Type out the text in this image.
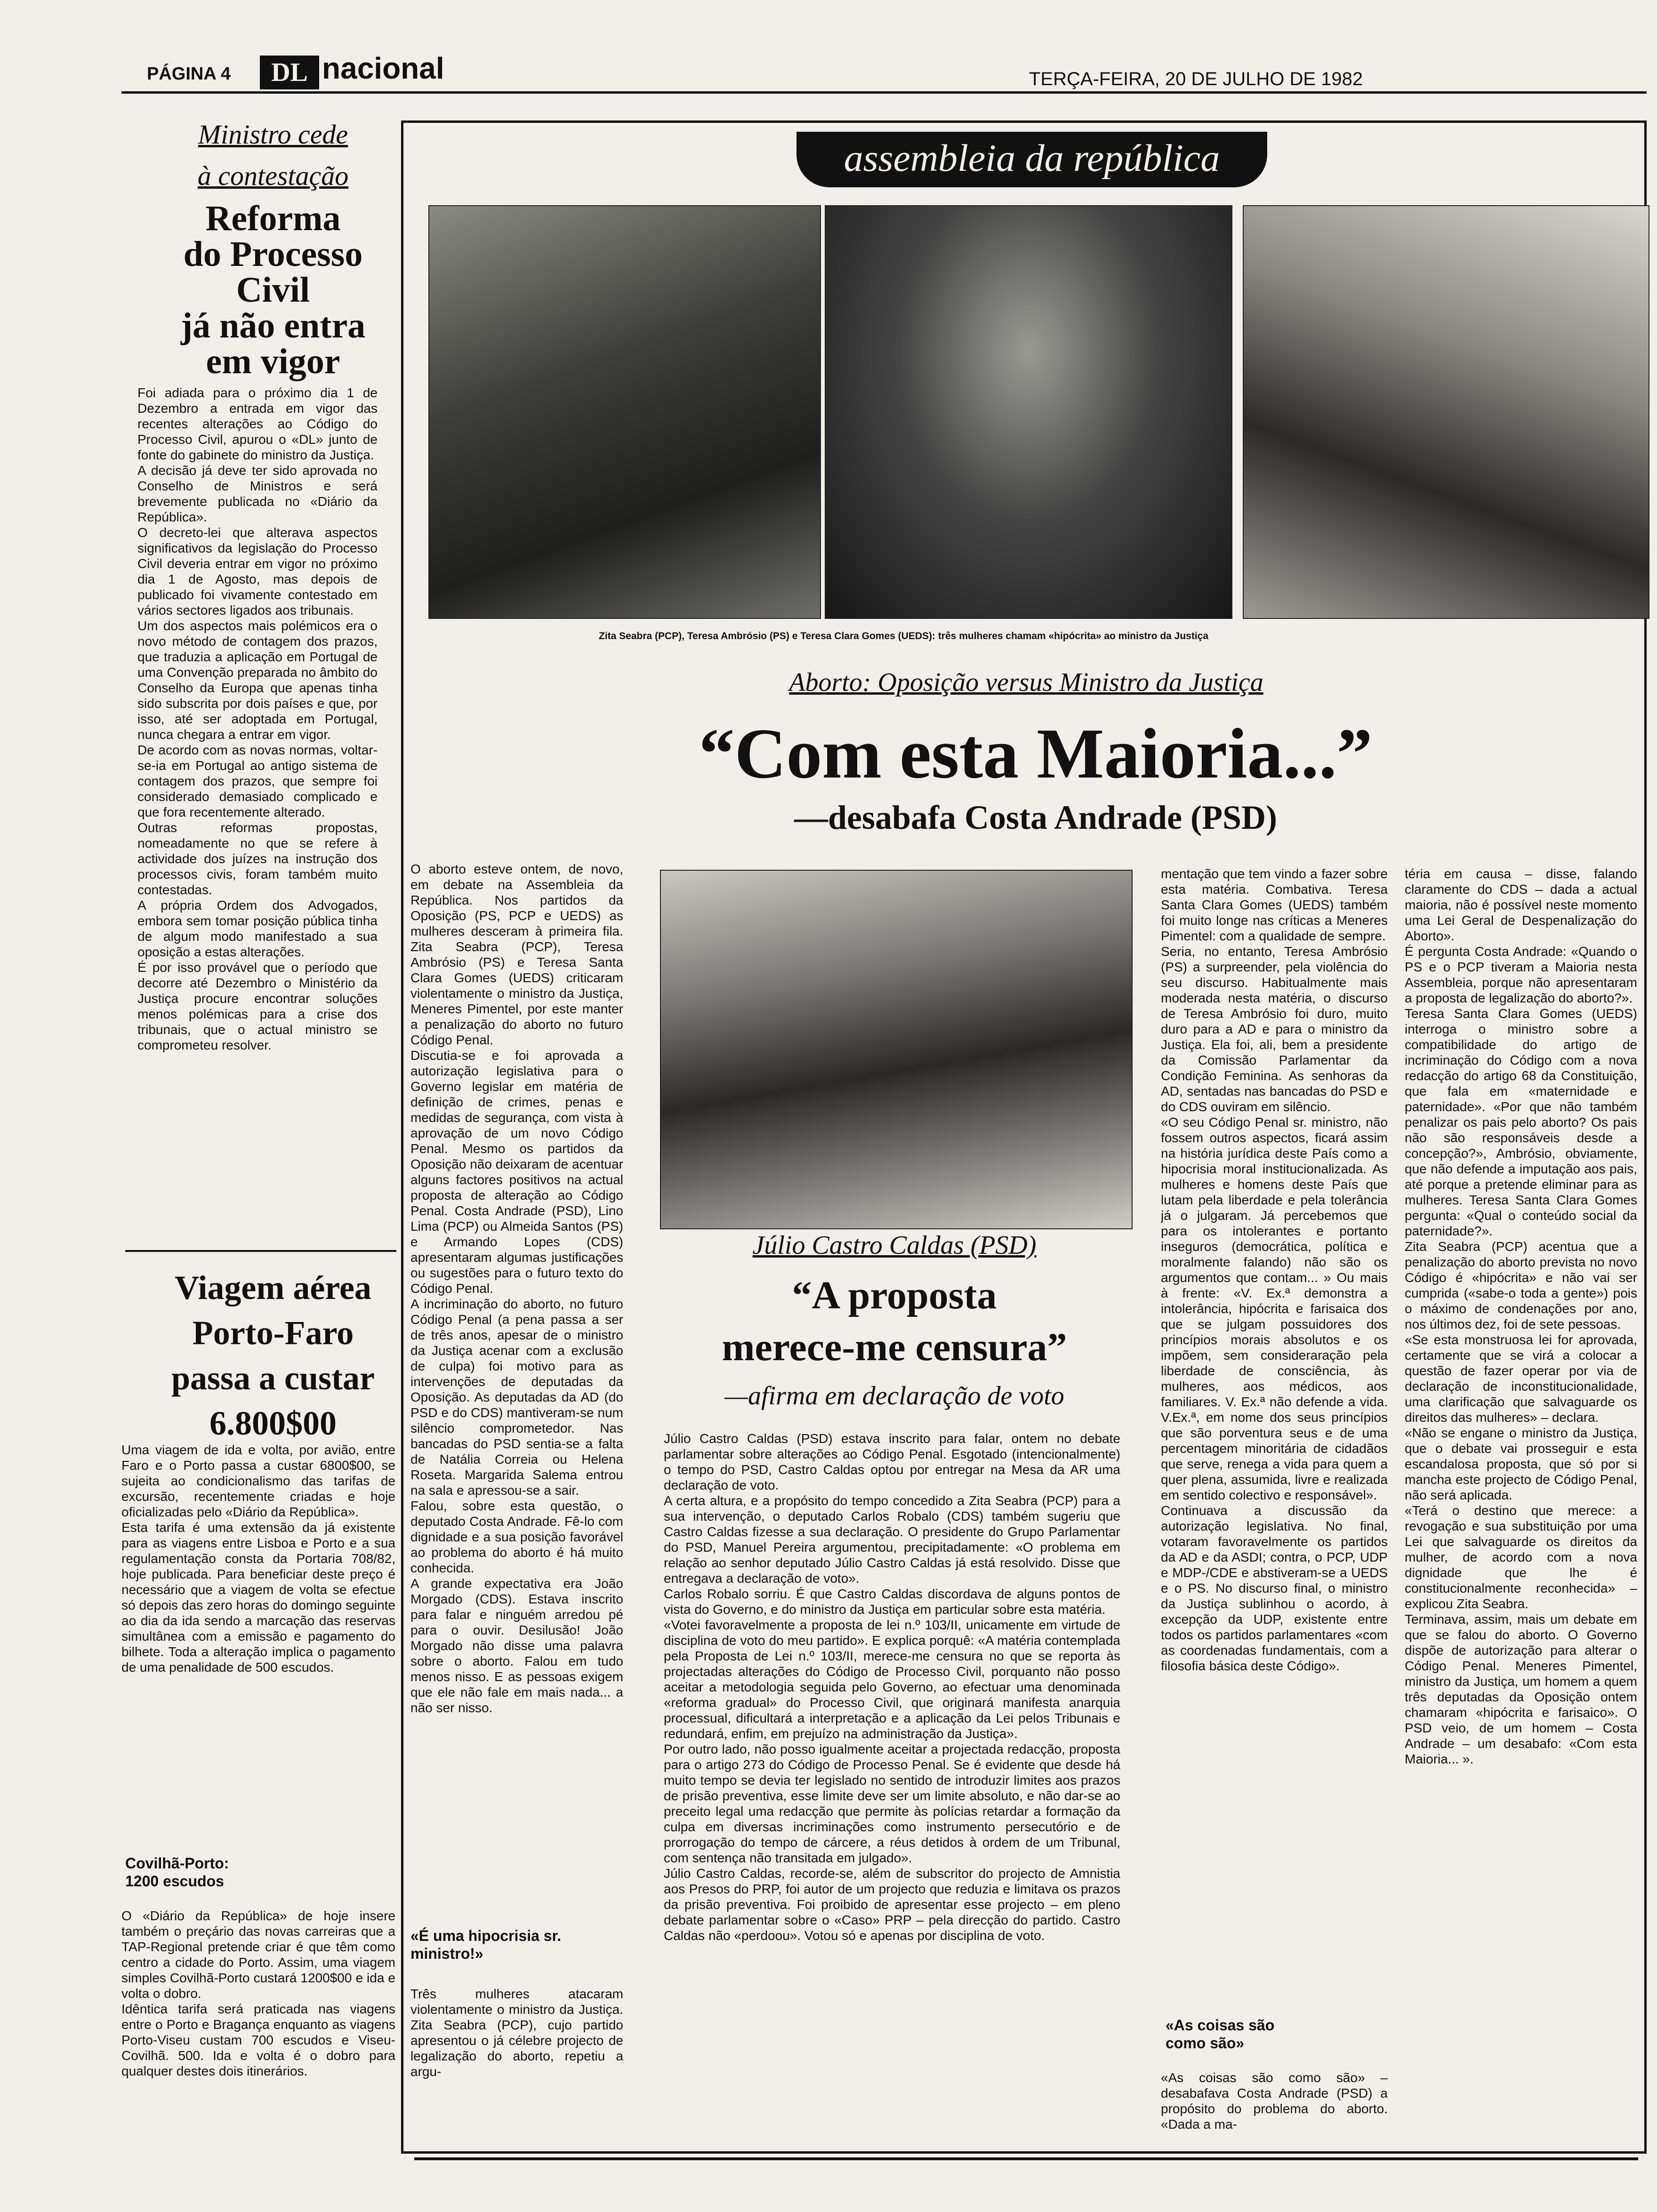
PÁGINA 4	DL nacional	TERÇA-FEIRA, 20 DE JULHO DE 1982
Ministro cede
à contestação
Reforma
do Processo
Civil
já não entra
em vigor

Foi adiada para o próximo dia 1 de Dezembro a entrada em vigor das recentes alterações ao Código do Processo Civil, apurou o «DL» junto de fonte do gabinete do ministro da Justiça.
A decisão já deve ter sido aprovada no Conselho de Ministros e será brevemente publicada no «Diário da República».
O decreto-lei que alterava aspectos significativos da legislação do Processo Civil deveria entrar em vigor no próximo dia 1 de Agosto, mas depois de publicado foi vivamente contestado em vários sectores ligados aos tribunais.
Um dos aspectos mais polémicos era o novo método de contagem dos prazos, que traduzia a aplicação em Portugal de uma Convenção preparada no âmbito do Conselho da Europa que apenas tinha sido subscrita por dois países e que, por isso, até ser adoptada em Portugal, nunca chegara a entrar em vigor.
De acordo com as novas normas, voltar-se-ia em Portugal ao antigo sistema de contagem dos prazos, que sempre foi considerado demasiado complicado e que fora recentemente alterado.
Outras reformas propostas, nomeadamente no que se refere à actividade dos juízes na instrução dos processos civis, foram também muito contestadas.
A própria Ordem dos Advogados, embora sem tomar posição pública tinha de algum modo manifestado a sua oposição a estas alterações.
É por isso provável que o período que decorre até Dezembro o Ministério da Justiça procure encontrar soluções menos polémicas para a crise dos tribunais, que o actual ministro se comprometeu resolver.

Viagem aérea
Porto-Faro
passa a custar
6.800$00

Uma viagem de ida e volta, por avião, entre Faro e o Porto passa a custar 6800$00, se sujeita ao condicionalismo das tarifas de excursão, recentemente criadas e hoje oficializadas pelo «Diário da República».
Esta tarifa é uma extensão da já existente para as viagens entre Lisboa e Porto e a sua regulamentação consta da Portaria 708/82, hoje publicada. Para beneficiar deste preço é necessário que a viagem de volta se efectue só depois das zero horas do domingo seguinte ao dia da ida sendo a marcação das reservas simultânea com a emissão e pagamento do bilhete. Toda a alteração implica o pagamento de uma penalidade de 500 escudos.

Covilhã-Porto:
1200 escudos

O «Diário da República» de hoje insere também o preçário das novas carreiras que a TAP-Regional pretende criar é que têm como centro a cidade do Porto. Assim, uma viagem simples Covilhã-Porto custará 1200$00 e ida e volta o dobro.
Idêntica tarifa será praticada nas viagens entre o Porto e Bragança enquanto as viagens Porto-Viseu custam 700 escudos e Viseu-Covilhã. 500. Ida e volta é o dobro para qualquer destes dois itinerários.

assembleia da república
Zita Seabra (PCP), Teresa Ambrósio (PS) e Teresa Clara Gomes (UEDS): três mulheres chamam «hipócrita» ao ministro da Justiça
Aborto: Oposição versus Ministro da Justiça
“Com esta Maioria...”
—desabafa Costa Andrade (PSD)

O aborto esteve ontem, de novo, em debate na Assembleia da República. Nos partidos da Oposição (PS, PCP e UEDS) as mulheres desceram à primeira fila. Zita Seabra (PCP), Teresa Ambrósio (PS) e Teresa Santa Clara Gomes (UEDS) criticaram violentamente o ministro da Justiça, Meneres Pimentel, por este manter a penalização do aborto no futuro Código Penal.
Discutia-se e foi aprovada a autorização legislativa para o Governo legislar em matéria de definição de crimes, penas e medidas de segurança, com vista à aprovação de um novo Código Penal. Mesmo os partidos da Oposição não deixaram de acentuar alguns factores positivos na actual proposta de alteração ao Código Penal. Costa Andrade (PSD), Lino Lima (PCP) ou Almeida Santos (PS) e Armando Lopes (CDS) apresentaram algumas justificações ou sugestões para o futuro texto do Código Penal.
A incriminação do aborto, no futuro Código Penal (a pena passa a ser de três anos, apesar de o ministro da Justiça acenar com a exclusão de culpa) foi motivo para as intervenções de deputadas da Oposição. As deputadas da AD (do PSD e do CDS) mantiveram-se num silêncio comprometedor. Nas bancadas do PSD sentia-se a falta de Natália Correia ou Helena Roseta. Margarida Salema entrou na sala e apressou-se a sair.
Falou, sobre esta questão, o deputado Costa Andrade. Fê-lo com dignidade e a sua posição favorável ao problema do aborto é há muito conhecida.
A grande expectativa era João Morgado (CDS). Estava inscrito para falar e ninguém arredou pé para o ouvir. Desilusão! João Morgado não disse uma palavra sobre o aborto. Falou em tudo menos nisso. E as pessoas exigem que ele não fale em mais nada... a não ser nisso.

«É uma hipocrisia sr. ministro!»

Três mulheres atacaram violentamente o ministro da Justiça. Zita Seabra (PCP), cujo partido apresentou o já célebre projecto de legalização do aborto, repetiu a argu-

Júlio Castro Caldas (PSD)
“A proposta
merece-me censura”
—afirma em declaração de voto

Júlio Castro Caldas (PSD) estava inscrito para falar, ontem no debate parlamentar sobre alterações ao Código Penal. Esgotado (intencionalmente) o tempo do PSD, Castro Caldas optou por entregar na Mesa da AR uma declaração de voto.
A certa altura, e a propósito do tempo concedido a Zita Seabra (PCP) para a sua intervenção, o deputado Carlos Robalo (CDS) também sugeriu que Castro Caldas fizesse a sua declaração. O presidente do Grupo Parlamentar do PSD, Manuel Pereira argumentou, precipitadamente: «O problema em relação ao senhor deputado Júlio Castro Caldas já está resolvido. Disse que entregava a declaração de voto».
Carlos Robalo sorriu. É que Castro Caldas discordava de alguns pontos de vista do Governo, e do ministro da Justiça em particular sobre esta matéria.
«Votei favoravelmente a proposta de lei n.º 103/II, unicamente em virtude de disciplina de voto do meu partido». E explica porquê: «A matéria contemplada pela Proposta de Lei n.º 103/II, merece-me censura no que se reporta às projectadas alterações do Código de Processo Civil, porquanto não posso aceitar a metodologia seguida pelo Governo, ao efectuar uma denominada «reforma gradual» do Processo Civil, que originará manifesta anarquia processual, dificultará a interpretação e a aplicação da Lei pelos Tribunais e redundará, enfim, em prejuízo na administração da Justiça».
Por outro lado, não posso igualmente aceitar a projectada redacção, proposta para o artigo 273 do Código de Processo Penal. Se é evidente que desde há muito tempo se devia ter legislado no sentido de introduzir limites aos prazos de prisão preventiva, esse limite deve ser um limite absoluto, e não dar-se ao preceito legal uma redacção que permite às polícias retardar a formação da culpa em diversas incriminações como instrumento persecutório e de prorrogação do tempo de cárcere, a réus detidos à ordem de um Tribunal, com sentença não transitada em julgado».
Júlio Castro Caldas, recorde-se, além de subscritor do projecto de Amnistia aos Presos do PRP, foi autor de um projecto que reduzia e limitava os prazos da prisão preventiva. Foi proibido de apresentar esse projecto – em pleno debate parlamentar sobre o «Caso» PRP – pela direcção do partido. Castro Caldas não «perdoou». Votou só e apenas por disciplina de voto.

mentação que tem vindo a fazer sobre esta matéria. Combativa. Teresa Santa Clara Gomes (UEDS) também foi muito longe nas críticas a Meneres Pimentel: com a qualidade de sempre.
Seria, no entanto, Teresa Ambrósio (PS) a surpreender, pela violência do seu discurso. Habitualmente mais moderada nesta matéria, o discurso de Teresa Ambrósio foi duro, muito duro para a AD e para o ministro da Justiça. Ela foi, ali, bem a presidente da Comissão Parlamentar da Condição Feminina. As senhoras da AD, sentadas nas bancadas do PSD e do CDS ouviram em silêncio.
«O seu Código Penal sr. ministro, não fossem outros aspectos, ficará assim na história jurídica deste País como a hipocrisia moral institucionalizada. As mulheres e homens deste País que lutam pela liberdade e pela tolerância já o julgaram. Já percebemos que para os intolerantes e portanto inseguros (democrática, política e moralmente falando) não são os argumentos que contam... » Ou mais à frente: «V. Ex.ª demonstra a intolerância, hipócrita e farisaica dos que se julgam possuidores dos princípios morais absolutos e os impõem, sem consideraração pela liberdade de consciência, às mulheres, aos médicos, aos familiares. V. Ex.ª não defende a vida. V.Ex.ª, em nome dos seus princípios que são porventura seus e de uma percentagem minoritária de cidadãos que serve, renega a vida para quem a quer plena, assumida, livre e realizada em sentido colectivo e responsável».
Continuava a discussão da autorização legislativa. No final, votaram favoravelmente os partidos da AD e da ASDI; contra, o PCP, UDP e MDP-/CDE e abstiveram-se a UEDS e o PS. No discurso final, o ministro da Justiça sublinhou o acordo, à excepção da UDP, existente entre todos os partidos parlamentares «com as coordenadas fundamentais, com a filosofia básica deste Código».

«As coisas são
como são»

«As coisas são como são» – desabafava Costa Andrade (PSD) a propósito do problema do aborto. «Dada a ma-

téria em causa – disse, falando claramente do CDS – dada a actual maioria, não é possível neste momento uma Lei Geral de Despenalização do Aborto».
É pergunta Costa Andrade: «Quando o PS e o PCP tiveram a Maioria nesta Assembleia, porque não apresentaram a proposta de legalização do aborto?».
Teresa Santa Clara Gomes (UEDS) interroga o ministro sobre a compatibilidade do artigo de incriminação do Código com a nova redacção do artigo 68 da Constituição, que fala em «maternidade e paternidade». «Por que não também penalizar os pais pelo aborto? Os pais não são responsáveis desde a concepção?», Ambrósio, obviamente, que não defende a imputação aos pais, até porque a pretende eliminar para as mulheres. Teresa Santa Clara Gomes pergunta: «Qual o conteúdo social da paternidade?».
Zita Seabra (PCP) acentua que a penalização do aborto prevista no novo Código é «hipócrita» e não vai ser cumprida («sabe-o toda a gente») pois o máximo de condenações por ano, nos últimos dez, foi de sete pessoas.
«Se esta monstruosa lei for aprovada, certamente que se virá a colocar a questão de fazer operar por via de declaração de inconstitucionalidade, uma clarificação que salvaguarde os direitos das mulheres» – declara.
«Não se engane o ministro da Justiça, que o debate vai prosseguir e esta escandalosa proposta, que só por si mancha este projecto de Código Penal, não será aplicada.
«Terá o destino que merece: a revogação e sua substituição por uma Lei que salvaguarde os direitos da mulher, de acordo com a nova dignidade que lhe é constitucionalmente reconhecida» – explicou Zita Seabra.
Terminava, assim, mais um debate em que se falou do aborto. O Governo dispõe de autorização para alterar o Código Penal. Meneres Pimentel, ministro da Justiça, um homem a quem três deputadas da Oposição ontem chamaram «hipócrita e farisaico». O PSD veio, de um homem – Costa Andrade – um desabafo: «Com esta Maioria... ».
